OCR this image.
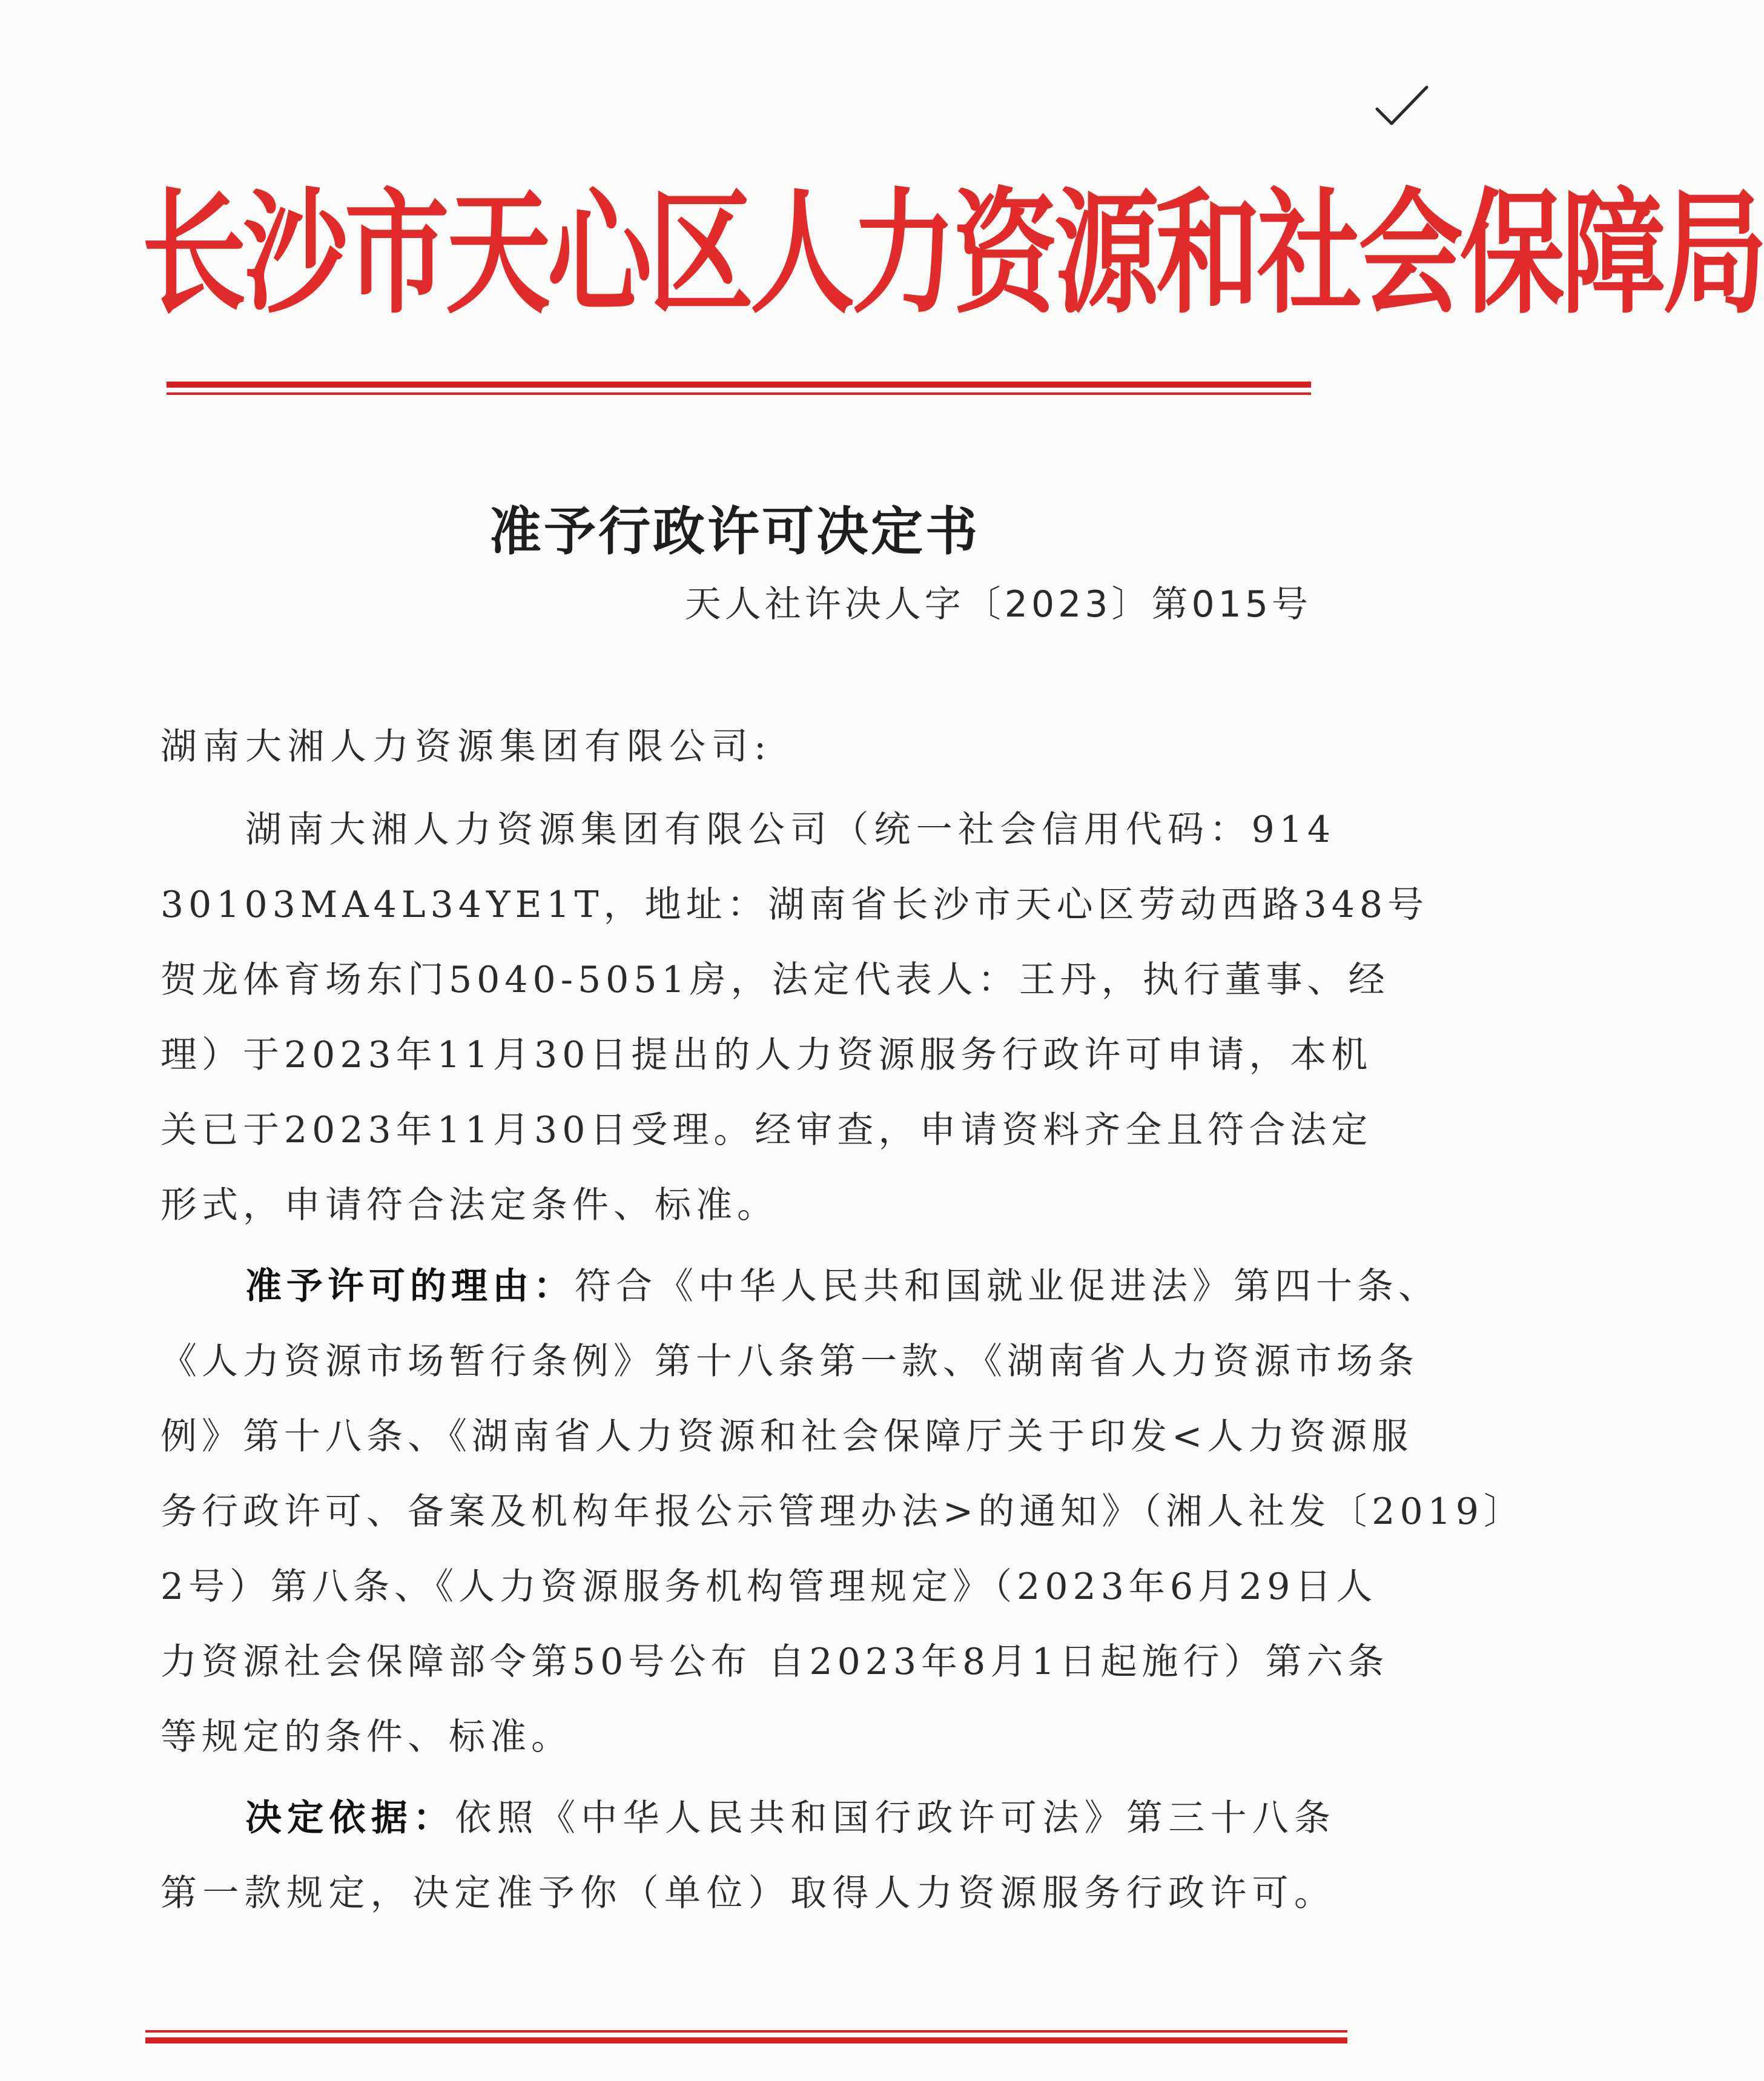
长沙市天心区人力资源和社会保障局
准予行政许可决定书
天人社许决人字〔2023〕第015号
湖南大湘人力资源集团有限公司:
湖南大湘人力资源集团有限公司（统一社会信用代码：914
30103MA4L34YE1T，地址：湖南省长沙市天心区劳动西路348号
贺龙体育场东门5040-5051房，法定代表人：王丹，执行董事、经
理）于2023年11月30日提出的人力资源服务行政许可申请，本机
关已于2023年11月30日受理。经审查，申请资料齐全且符合法定
形式，申请符合法定条件、标准。
准予许可的理由：符合《中华人民共和国就业促进法》第四十条、
《人力资源市场暂行条例》第十八条第一款、《湖南省人力资源市场条
例》第十八条、《湖南省人力资源和社会保障厅关于印发<人力资源服
务行政许可、备案及机构年报公示管理办法>的通知》（湘人社发〔2019〕
2号）第八条、《人力资源服务机构管理规定》（2023年6月29日人
力资源社会保障部令第50号公布 自2023年8月1日起施行）第六条
等规定的条件、标准。
决定依据：依照《中华人民共和国行政许可法》第三十八条
第一款规定，决定准予你（单位）取得人力资源服务行政许可。
